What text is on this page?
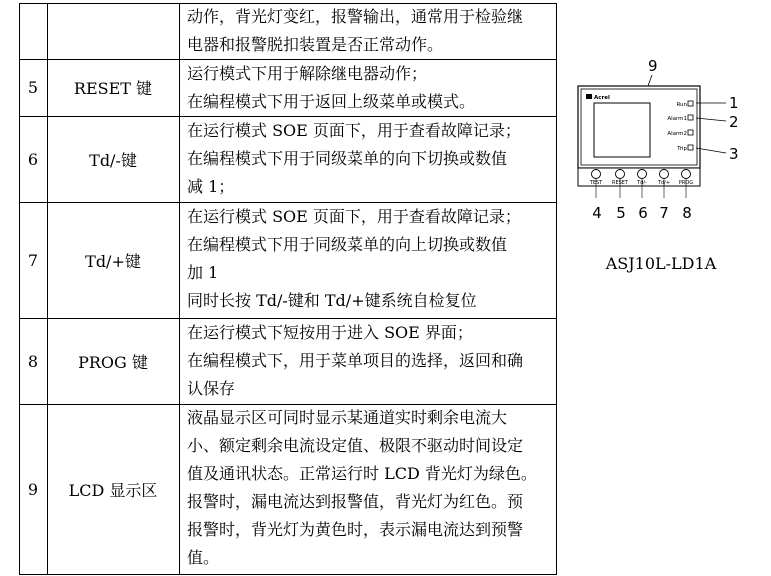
动作，背光灯变红，报警输出，通常用于检验继
电器和报警脱扣装置是否正常动作。
5	RESET 键
运行模式下用于解除继电器动作；
在编程模式下用于返回上级菜单或模式。
6	Td/-键
在运行模式 SOE 页面下，用于查看故障记录；
在编程模式下用于同级菜单的向下切换或数值
减 1；
7	Td/+键
在运行模式 SOE 页面下，用于查看故障记录；
在编程模式下用于同级菜单的向上切换或数值
加 1
同时长按 Td/-键和 Td/+键系统自检复位
8	PROG 键
在运行模式下短按用于进入 SOE 界面；
在编程模式下，用于菜单项目的选择，返回和确
认保存
9	LCD 显示区
液晶显示区可同时显示某通道实时剩余电流大
小、额定剩余电流设定值、极限不驱动时间设定
值及通讯状态。正常运行时 LCD 背光灯为绿色。
报警时，漏电流达到报警值，背光灯为红色。预
报警时，背光灯为黄色时，表示漏电流达到预警
值。
9
Acrel
Run
Alarm1
Alarm2
Trip
1
2
3
TEST RESET Td/- Td/+ PROG
4 5 6 7 8
ASJ10L-LD1A
